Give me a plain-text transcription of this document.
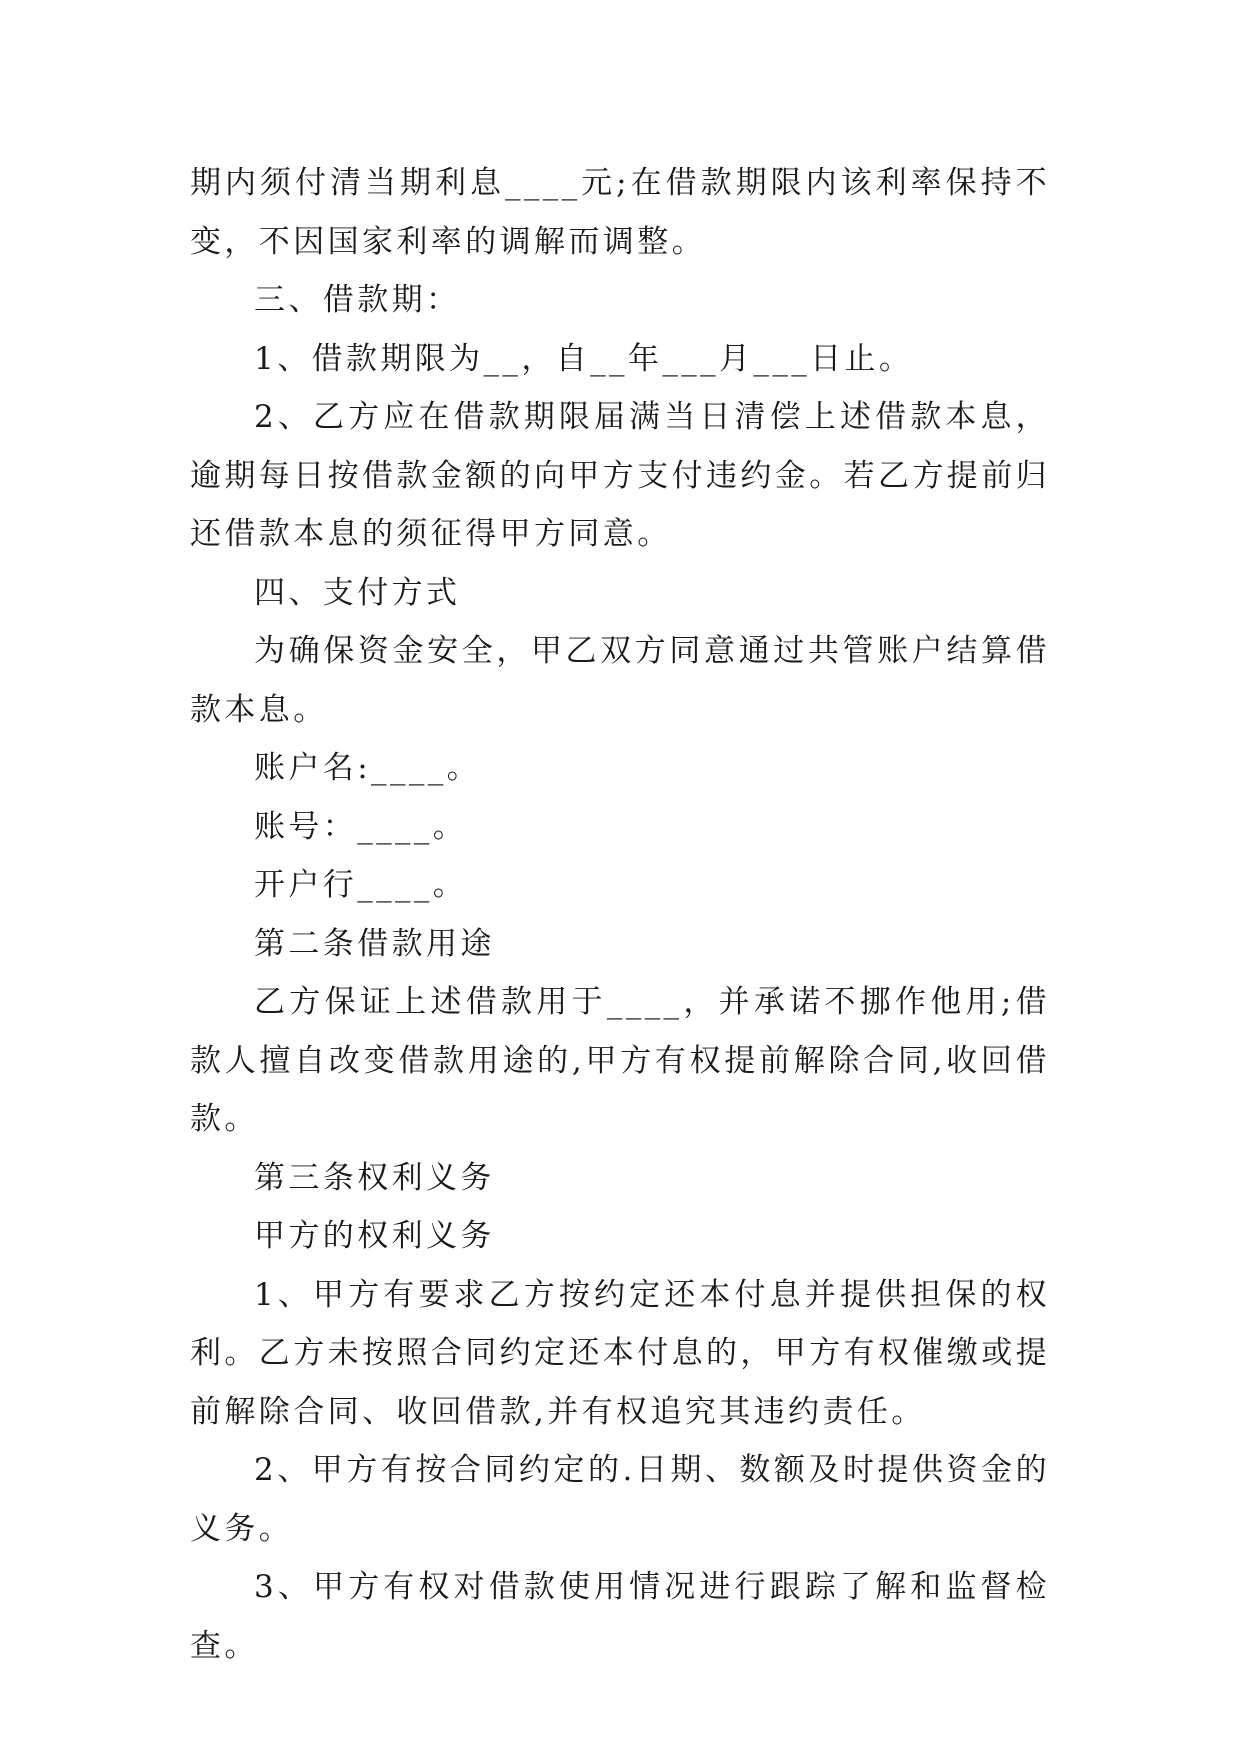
期内须付清当期利息____元;在借款期限内该利率保持不变，不因国家利率的调解而调整。

三、借款期：

1、借款期限为__，自__年___月___日止。

2、乙方应在借款期限届满当日清偿上述借款本息，逾期每日按借款金额的向甲方支付违约金。若乙方提前归还借款本息的须征得甲方同意。

四、支付方式

为确保资金安全，甲乙双方同意通过共管账户结算借款本息。

账户名:____。

账号：____。

开户行____。

第二条借款用途

乙方保证上述借款用于____，并承诺不挪作他用;借款人擅自改变借款用途的,甲方有权提前解除合同,收回借款。

第三条权利义务

甲方的权利义务

1、甲方有要求乙方按约定还本付息并提供担保的权利。乙方未按照合同约定还本付息的，甲方有权催缴或提前解除合同、收回借款,并有权追究其违约责任。

2、甲方有按合同约定的.日期、数额及时提供资金的义务。

3、甲方有权对借款使用情况进行跟踪了解和监督检查。
